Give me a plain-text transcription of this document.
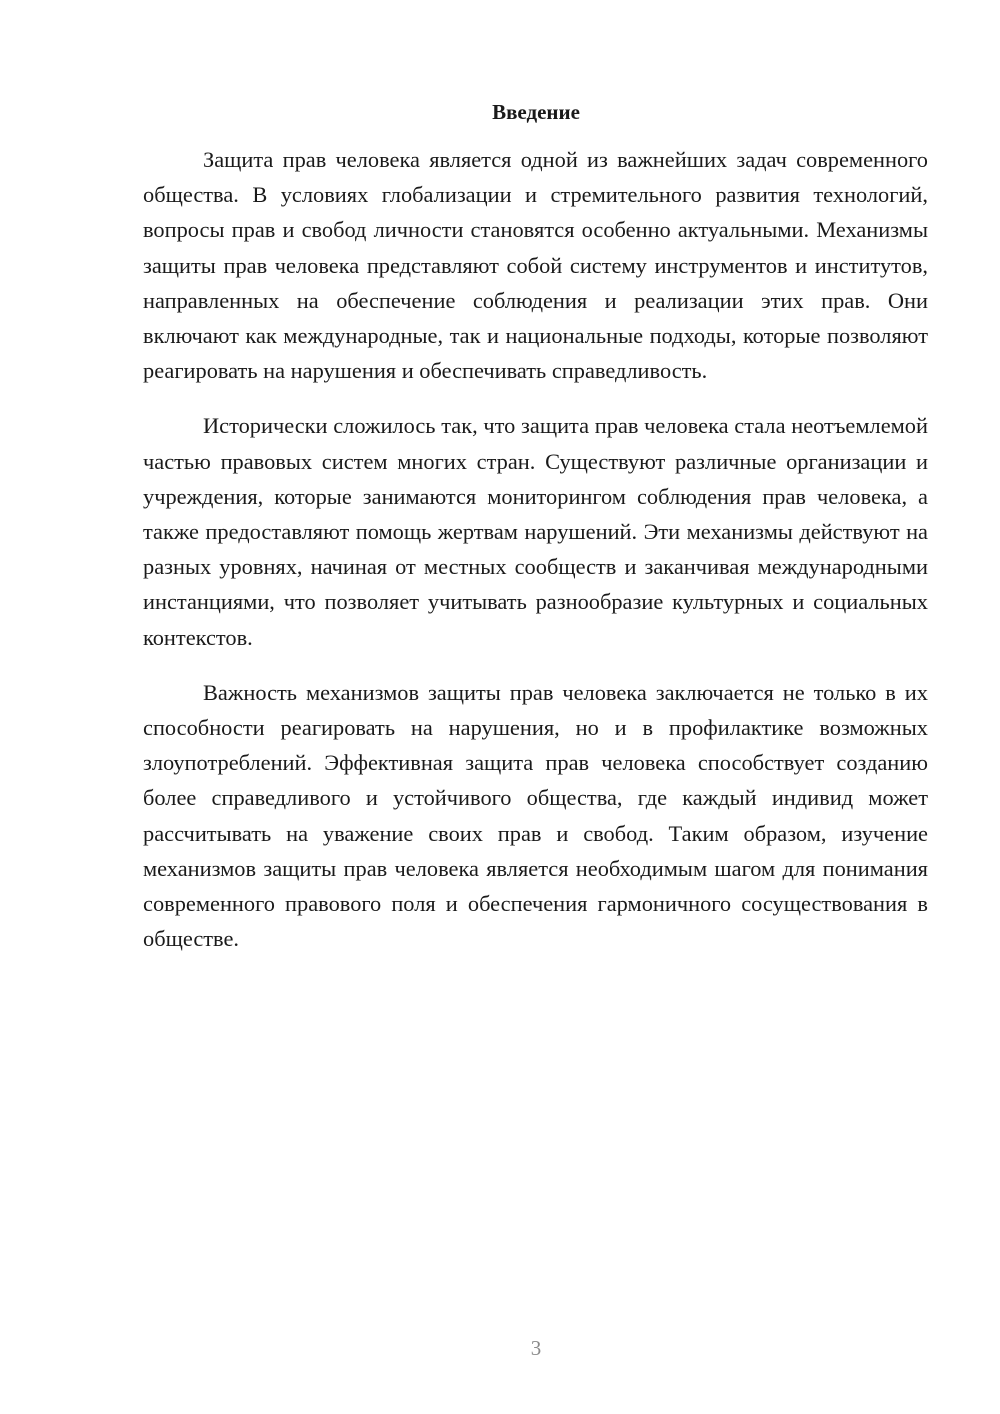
Введение

Защита прав человека является одной из важнейших задач современного общества. В условиях глобализации и стремительного развития технологий, вопросы прав и свобод личности становятся особенно актуальными. Механизмы защиты прав человека представляют собой систему инструментов и институтов, направленных на обеспечение соблюдения и реализации этих прав. Они включают как международные, так и национальные подходы, которые позволяют реагировать на нарушения и обеспечивать справедливость.

Исторически сложилось так, что защита прав человека стала неотъемлемой частью правовых систем многих стран. Существуют различные организации и учреждения, которые занимаются мониторингом соблюдения прав человека, а также предоставляют помощь жертвам нарушений. Эти механизмы действуют на разных уровнях, начиная от местных сообществ и заканчивая международными инстанциями, что позволяет учитывать разнообразие культурных и социальных контекстов.

Важность механизмов защиты прав человека заключается не только в их способности реагировать на нарушения, но и в профилактике возможных злоупотреблений. Эффективная защита прав человека способствует созданию более справедливого и устойчивого общества, где каждый индивид может рассчитывать на уважение своих прав и свобод. Таким образом, изучение механизмов защиты прав человека является необходимым шагом для понимания современного правового поля и обеспечения гармоничного сосуществования в обществе.

3
